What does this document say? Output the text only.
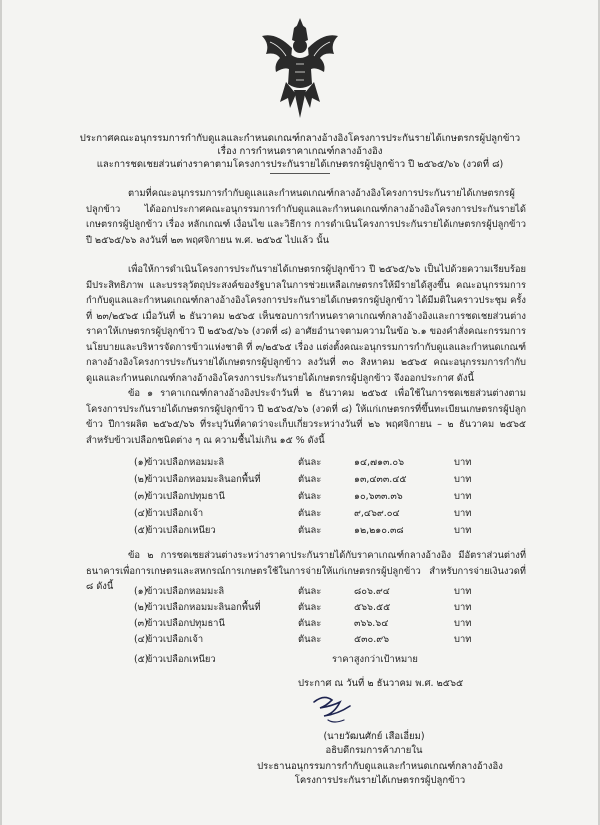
ประกาศคณะอนุกรรมการกำกับดูแลและกำหนดเกณฑ์กลางอ้างอิงโครงการประกันรายได้เกษตรกรผู้ปลูกข้าว
เรื่อง การกำหนดราคาเกณฑ์กลางอ้างอิง
และการชดเชยส่วนต่างราคาตามโครงการประกันรายได้เกษตรกรผู้ปลูกข้าว ปี ๒๕๖๕/๖๖ (งวดที่ ๘)
ตามที่คณะอนุกรรมการกำกับดูแลและกำหนดเกณฑ์กลางอ้างอิงโครงการประกันรายได้เกษตรกรผู้ปลูกข้าว ได้ออกประกาศคณะอนุกรรมการกำกับดูแลและกำหนดเกณฑ์กลางอ้างอิงโครงการประกันรายได้เกษตรกรผู้ปลูกข้าว เรื่อง หลักเกณฑ์ เงื่อนไข และวิธีการ การดำเนินโครงการประกันรายได้เกษตรกรผู้ปลูกข้าว ปี ๒๕๖๕/๖๖ ลงวันที่ ๒๓ พฤศจิกายน พ.ศ. ๒๕๖๕ ไปแล้ว นั้น
เพื่อให้การดำเนินโครงการประกันรายได้เกษตรกรผู้ปลูกข้าว ปี ๒๕๖๕/๖๖ เป็นไปด้วยความเรียบร้อย มีประสิทธิภาพ และบรรลุวัตถุประสงค์ของรัฐบาลในการช่วยเหลือเกษตรกรให้มีรายได้สูงขึ้น คณะอนุกรรมการกำกับดูแลและกำหนดเกณฑ์กลางอ้างอิงโครงการประกันรายได้เกษตรกรผู้ปลูกข้าว ได้มีมติในคราวประชุม ครั้งที่ ๒๓/๒๕๖๕ เมื่อวันที่ ๒ ธันวาคม ๒๕๖๕ เห็นชอบการกำหนดราคาเกณฑ์กลางอ้างอิงและการชดเชยส่วนต่างราคาให้เกษตรกรผู้ปลูกข้าว ปี ๒๕๖๕/๖๖ (งวดที่ ๘) อาศัยอำนาจตามความในข้อ ๖.๑ ของคำสั่งคณะกรรมการนโยบายและบริหารจัดการข้าวแห่งชาติ ที่ ๓/๒๕๖๕ เรื่อง แต่งตั้งคณะอนุกรรมการกำกับดูแลและกำหนดเกณฑ์กลางอ้างอิงโครงการประกันรายได้เกษตรกรผู้ปลูกข้าว ลงวันที่ ๓๐ สิงหาคม ๒๕๖๕ คณะอนุกรรมการกำกับดูแลและกำหนดเกณฑ์กลางอ้างอิงโครงการประกันรายได้เกษตรกรผู้ปลูกข้าว จึงออกประกาศ ดังนี้
ข้อ ๑ ราคาเกณฑ์กลางอ้างอิงประจำวันที่ ๒ ธันวาคม ๒๕๖๕ เพื่อใช้ในการชดเชยส่วนต่างตามโครงการประกันรายได้เกษตรกรผู้ปลูกข้าว ปี ๒๕๖๕/๖๖ (งวดที่ ๘) ให้แก่เกษตรกรที่ขึ้นทะเบียนเกษตรกรผู้ปลูกข้าว ปีการผลิต ๒๕๖๕/๖๖ ที่ระบุวันที่คาดว่าจะเก็บเกี่ยวระหว่างวันที่ ๒๖ พฤศจิกายน – ๒ ธันวาคม ๒๕๖๕ สำหรับข้าวเปลือกชนิดต่าง ๆ ณ ความชื้นไม่เกิน ๑๕ % ดังนี้
(๑)
ข้าวเปลือกหอมมะลิ	ตันละ	๑๔,๗๑๓.๐๖	บาท
(๒)
ข้าวเปลือกหอมมะลินอกพื้นที่	ตันละ	๑๓,๔๓๓.๔๕	บาท
(๓)
ข้าวเปลือกปทุมธานี	ตันละ	๑๐,๖๓๓.๓๖	บาท
(๔)
ข้าวเปลือกเจ้า	ตันละ	๙,๔๖๙.๐๔	บาท
(๕)
ข้าวเปลือกเหนียว	ตันละ	๑๒,๒๑๐.๓๘	บาท
ข้อ ๒ การชดเชยส่วนต่างระหว่างราคาประกันรายได้กับราคาเกณฑ์กลางอ้างอิง มีอัตราส่วนต่างที่ธนาคารเพื่อการเกษตรและสหกรณ์การเกษตรใช้ในการจ่ายให้แก่เกษตรกรผู้ปลูกข้าว สำหรับการจ่ายเงินงวดที่ ๘ ดังนี้	(๑)
ข้าวเปลือกหอมมะลิ	ตันละ	๘๐๖.๙๔	บาท
(๒)
ข้าวเปลือกหอมมะลินอกพื้นที่	ตันละ	๕๖๖.๕๕	บาท
(๓)
ข้าวเปลือกปทุมธานี	ตันละ	๓๖๖.๖๔	บาท
(๔)
ข้าวเปลือกเจ้า	ตันละ	๕๓๐.๙๖	บาท
(๕)
ข้าวเปลือกเหนียว	ราคาสูงกว่าเป้าหมาย
ประกาศ ณ วันที่ ๒ ธันวาคม พ.ศ. ๒๕๖๕
(นายวัฒนศักย์ เสือเอี่ยม)
อธิบดีกรมการค้าภายใน
ประธานอนุกรรมการกำกับดูแลและกำหนดเกณฑ์กลางอ้างอิง
โครงการประกันรายได้เกษตรกรผู้ปลูกข้าว
